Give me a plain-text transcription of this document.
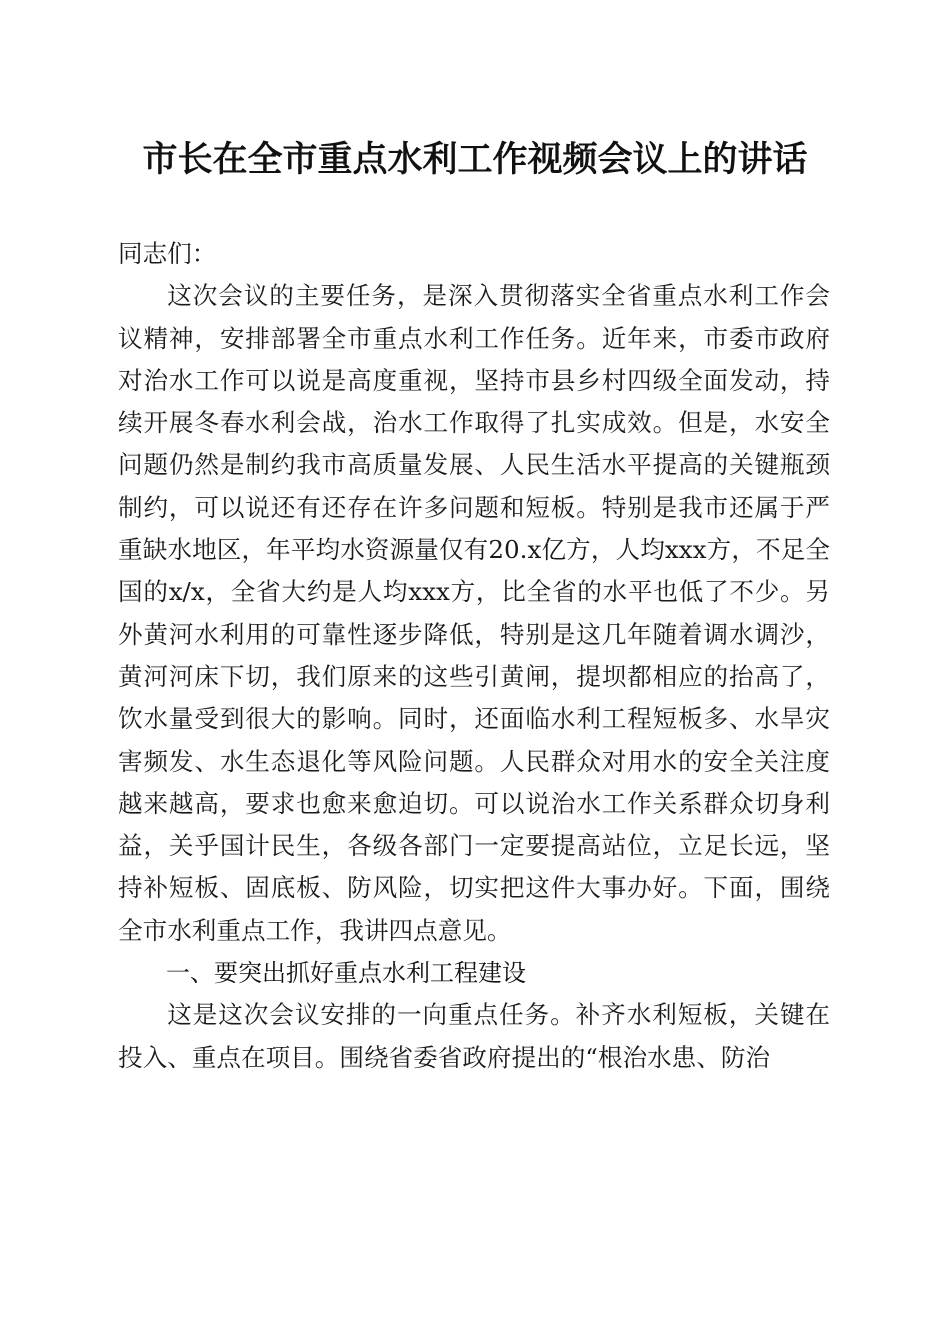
市长在全市重点水利工作视频会议上的讲话

同志们：

这次会议的主要任务，是深入贯彻落实全省重点水利工作会议精神，安排部署全市重点水利工作任务。近年来，市委市政府对治水工作可以说是高度重视，坚持市县乡村四级全面发动，持续开展冬春水利会战，治水工作取得了扎实成效。但是，水安全问题仍然是制约我市高质量发展、人民生活水平提高的关键瓶颈制约，可以说还有还存在许多问题和短板。特别是我市还属于严重缺水地区，年平均水资源量仅有20.x亿方，人均xxx方，不足全国的x/x，全省大约是人均xxx方，比全省的水平也低了不少。另外黄河水利用的可靠性逐步降低，特别是这几年随着调水调沙，黄河河床下切，我们原来的这些引黄闸，提坝都相应的抬高了，饮水量受到很大的影响。同时，还面临水利工程短板多、水旱灾害频发、水生态退化等风险问题。人民群众对用水的安全关注度越来越高，要求也愈来愈迫切。可以说治水工作关系群众切身利益，关乎国计民生，各级各部门一定要提高站位，立足长远，坚持补短板、固底板、防风险，切实把这件大事办好。下面，围绕全市水利重点工作，我讲四点意见。

一、要突出抓好重点水利工程建设

这是这次会议安排的一向重点任务。补齐水利短板，关键在投入、重点在项目。围绕省委省政府提出的“根治水患、防治
